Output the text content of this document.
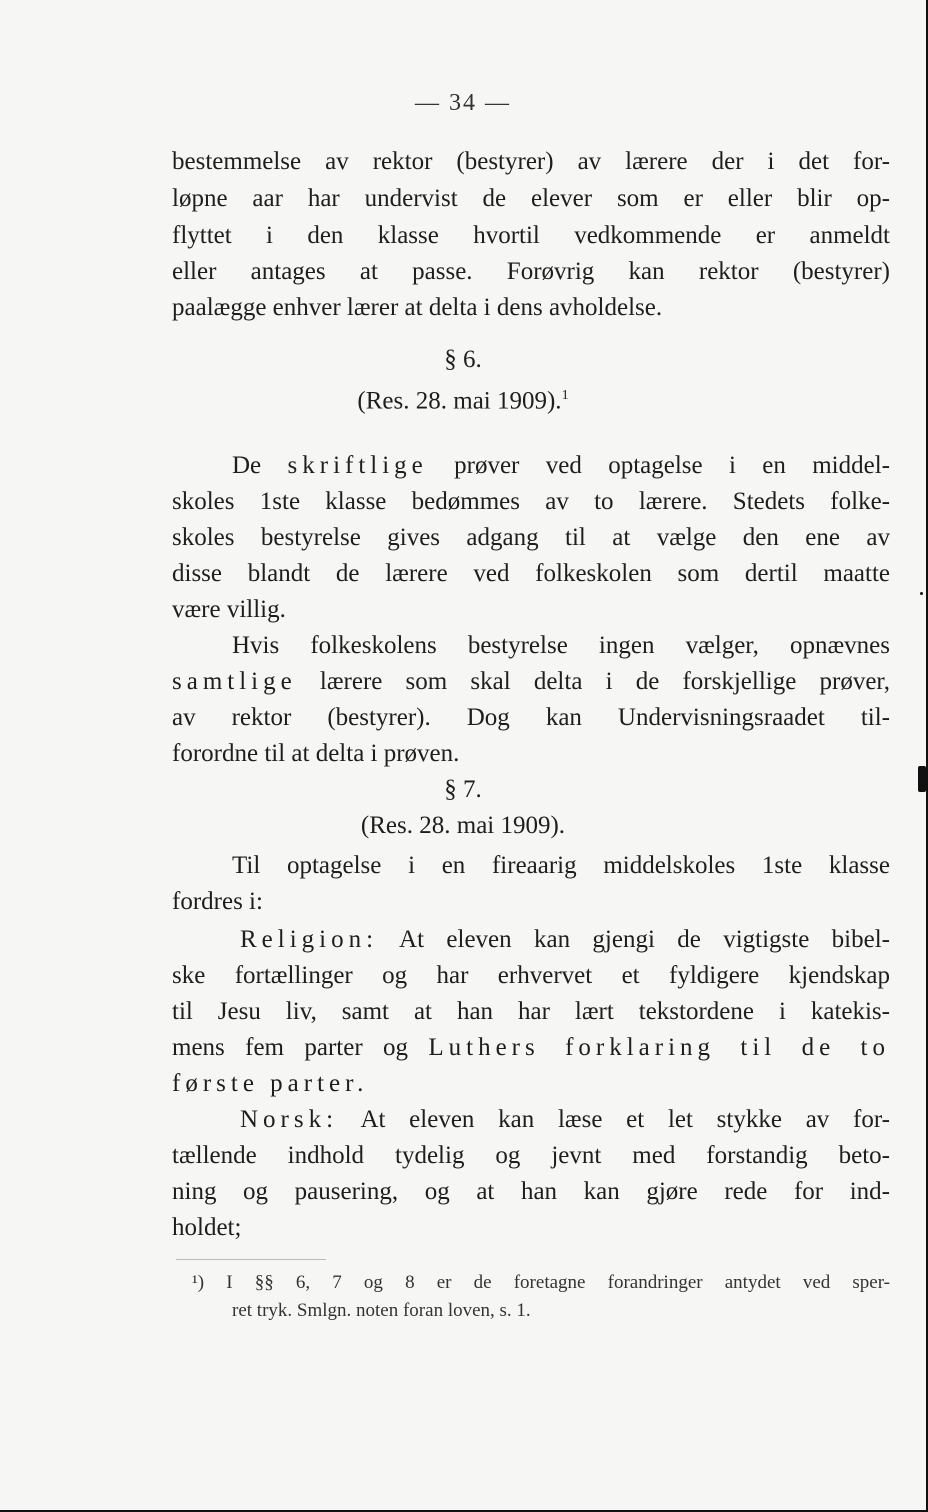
— 34 —
bestemmelse av rektor (bestyrer) av lærere der i det for-
løpne aar har undervist de elever som er eller blir op-
flyttet i den klasse hvortil vedkommende er anmeldt
eller antages at passe. Forøvrig kan rektor (bestyrer)
paalægge enhver lærer at delta i dens avholdelse.
§ 6.
(Res. 28. mai 1909).$^1$
De skriftlige prøver ved optagelse i en middel-
skoles 1ste klasse bedømmes av to lærere. Stedets folke-
skoles bestyrelse gives adgang til at vælge den ene av
disse blandt de lærere ved folkeskolen som dertil maatte
være villig.
Hvis folkeskolens bestyrelse ingen vælger, opnævnes
samtlige lærere som skal delta i de forskjellige prøver,
av rektor (bestyrer). Dog kan Undervisningsraadet til-
forordne til at delta i prøven.
§ 7.
(Res. 28. mai 1909).
Til optagelse i en fireaarig middelskoles 1ste klasse
fordres i:
Religion: At eleven kan gjengi de vigtigste bibel-
ske fortællinger og har erhvervet et fyldigere kjendskap
til Jesu liv, samt at han har lært tekstordene i katekis-
mens fem parter og Luthers forklaring til de to
første parter.
Norsk: At eleven kan læse et let stykke av for-
tællende indhold tydelig og jevnt med forstandig beto-
ning og pausering, og at han kan gjøre rede for ind-
holdet;
¹) I §§ 6, 7 og 8 er de foretagne forandringer antydet ved sper-
ret tryk. Smlgn. noten foran loven, s. 1.
